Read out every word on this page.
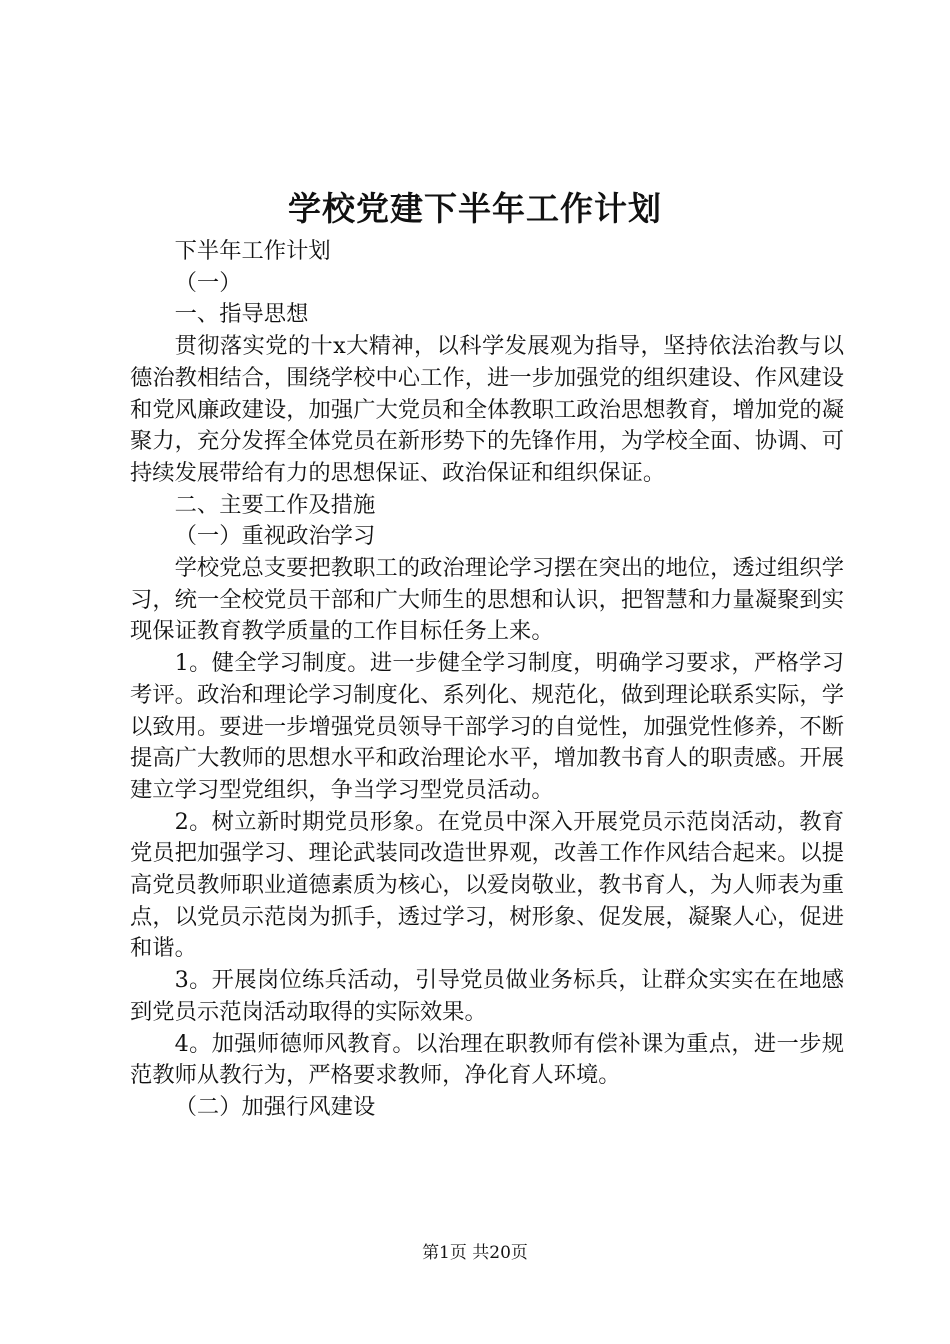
学校党建下半年工作计划

下半年工作计划

（一）

一、指导思想

贯彻落实党的十x大精神，以科学发展观为指导，坚持依法治教与以德治教相结合，围绕学校中心工作，进一步加强党的组织建设、作风建设和党风廉政建设，加强广大党员和全体教职工政治思想教育，增加党的凝聚力，充分发挥全体党员在新形势下的先锋作用，为学校全面、协调、可持续发展带给有力的思想保证、政治保证和组织保证。

二、主要工作及措施

（一）重视政治学习

学校党总支要把教职工的政治理论学习摆在突出的地位，透过组织学习，统一全校党员干部和广大师生的思想和认识，把智慧和力量凝聚到实现保证教育教学质量的工作目标任务上来。

1。健全学习制度。进一步健全学习制度，明确学习要求，严格学习考评。政治和理论学习制度化、系列化、规范化，做到理论联系实际，学以致用。要进一步增强党员领导干部学习的自觉性，加强党性修养，不断提高广大教师的思想水平和政治理论水平，增加教书育人的职责感。开展建立学习型党组织，争当学习型党员活动。

2。树立新时期党员形象。在党员中深入开展党员示范岗活动，教育党员把加强学习、理论武装同改造世界观，改善工作作风结合起来。以提高党员教师职业道德素质为核心，以爱岗敬业，教书育人，为人师表为重点，以党员示范岗为抓手，透过学习，树形象、促发展，凝聚人心，促进和谐。

3。开展岗位练兵活动，引导党员做业务标兵，让群众实实在在地感到党员示范岗活动取得的实际效果。

4。加强师德师风教育。以治理在职教师有偿补课为重点，进一步规范教师从教行为，严格要求教师，净化育人环境。

（二）加强行风建设

第1页 共20页
